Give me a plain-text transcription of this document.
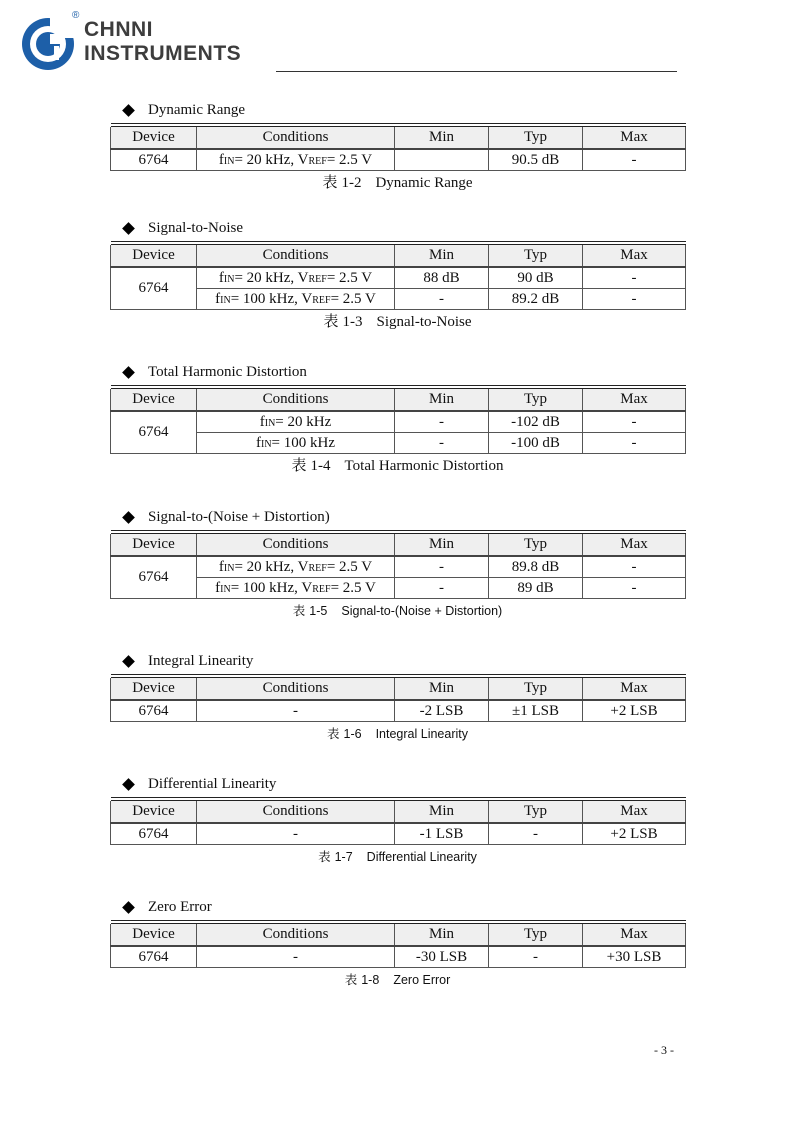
®
CHNNI
INSTRUMENTS
Dynamic Range

Device	Conditions	Min	Typ	Max
6764	fIN= 20 kHz, VREF= 2.5 V		90.5 dB	-
表 1-2 Dynamic Range
Signal-to-Noise

Device	Conditions	Min	Typ	Max
6764	fIN= 20 kHz, VREF= 2.5 V	88 dB	90 dB	-
	fIN= 100 kHz, VREF= 2.5 V	-	89.2 dB	-
表 1-3 Signal-to-Noise
Total Harmonic Distortion

Device	Conditions	Min	Typ	Max
6764	fIN= 20 kHz	-	-102 dB	-
	fIN= 100 kHz	-	-100 dB	-
表 1-4 Total Harmonic Distortion
Signal-to-(Noise + Distortion)

Device	Conditions	Min	Typ	Max
6764	fIN= 20 kHz, VREF= 2.5 V	-	89.8 dB	-
	fIN= 100 kHz, VREF= 2.5 V	-	89 dB	-
表 1-5 Signal-to-(Noise + Distortion)
Integral Linearity

Device	Conditions	Min	Typ	Max
6764	-	-2 LSB	±1 LSB	+2 LSB
表 1-6 Integral Linearity
Differential Linearity

Device	Conditions	Min	Typ	Max
6764	-	-1 LSB	-	+2 LSB
表 1-7 Differential Linearity
Zero Error

Device	Conditions	Min	Typ	Max
6764	-	-30 LSB	-	+30 LSB
表 1-8 Zero Error
- 3 -
